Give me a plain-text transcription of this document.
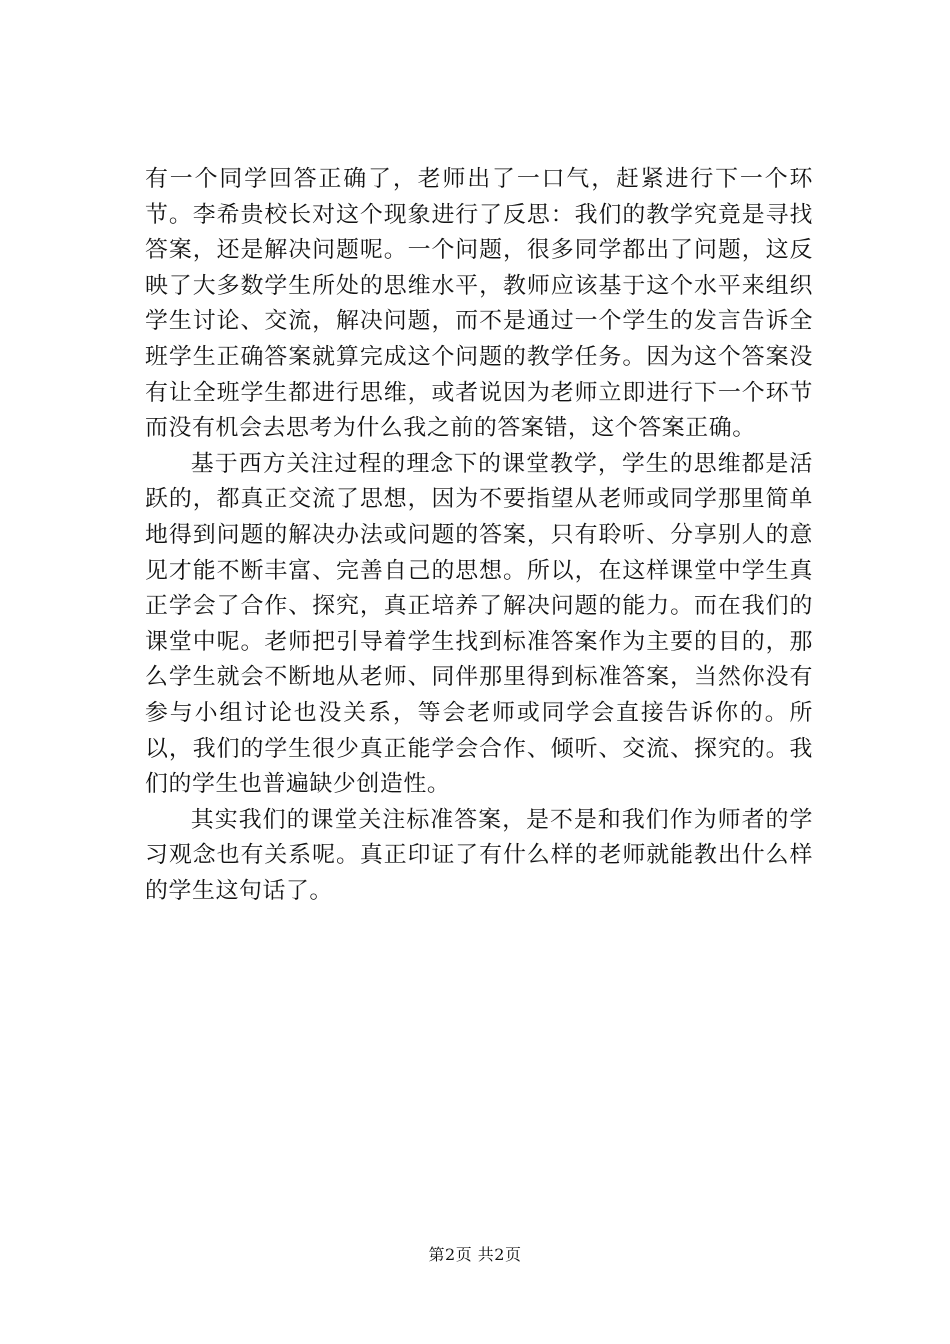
有一个同学回答正确了，老师出了一口气，赶紧进行下一个环节。李希贵校长对这个现象进行了反思：我们的教学究竟是寻找答案，还是解决问题呢。一个问题，很多同学都出了问题，这反映了大多数学生所处的思维水平，教师应该基于这个水平来组织学生讨论、交流，解决问题，而不是通过一个学生的发言告诉全班学生正确答案就算完成这个问题的教学任务。因为这个答案没有让全班学生都进行思维，或者说因为老师立即进行下一个环节而没有机会去思考为什么我之前的答案错，这个答案正确。

基于西方关注过程的理念下的课堂教学，学生的思维都是活跃的，都真正交流了思想，因为不要指望从老师或同学那里简单地得到问题的解决办法或问题的答案，只有聆听、分享别人的意见才能不断丰富、完善自己的思想。所以，在这样课堂中学生真正学会了合作、探究，真正培养了解决问题的能力。而在我们的课堂中呢。老师把引导着学生找到标准答案作为主要的目的，那么学生就会不断地从老师、同伴那里得到标准答案，当然你没有参与小组讨论也没关系，等会老师或同学会直接告诉你的。所以，我们的学生很少真正能学会合作、倾听、交流、探究的。我们的学生也普遍缺少创造性。

其实我们的课堂关注标准答案，是不是和我们作为师者的学习观念也有关系呢。真正印证了有什么样的老师就能教出什么样的学生这句话了。

第2页 共2页
